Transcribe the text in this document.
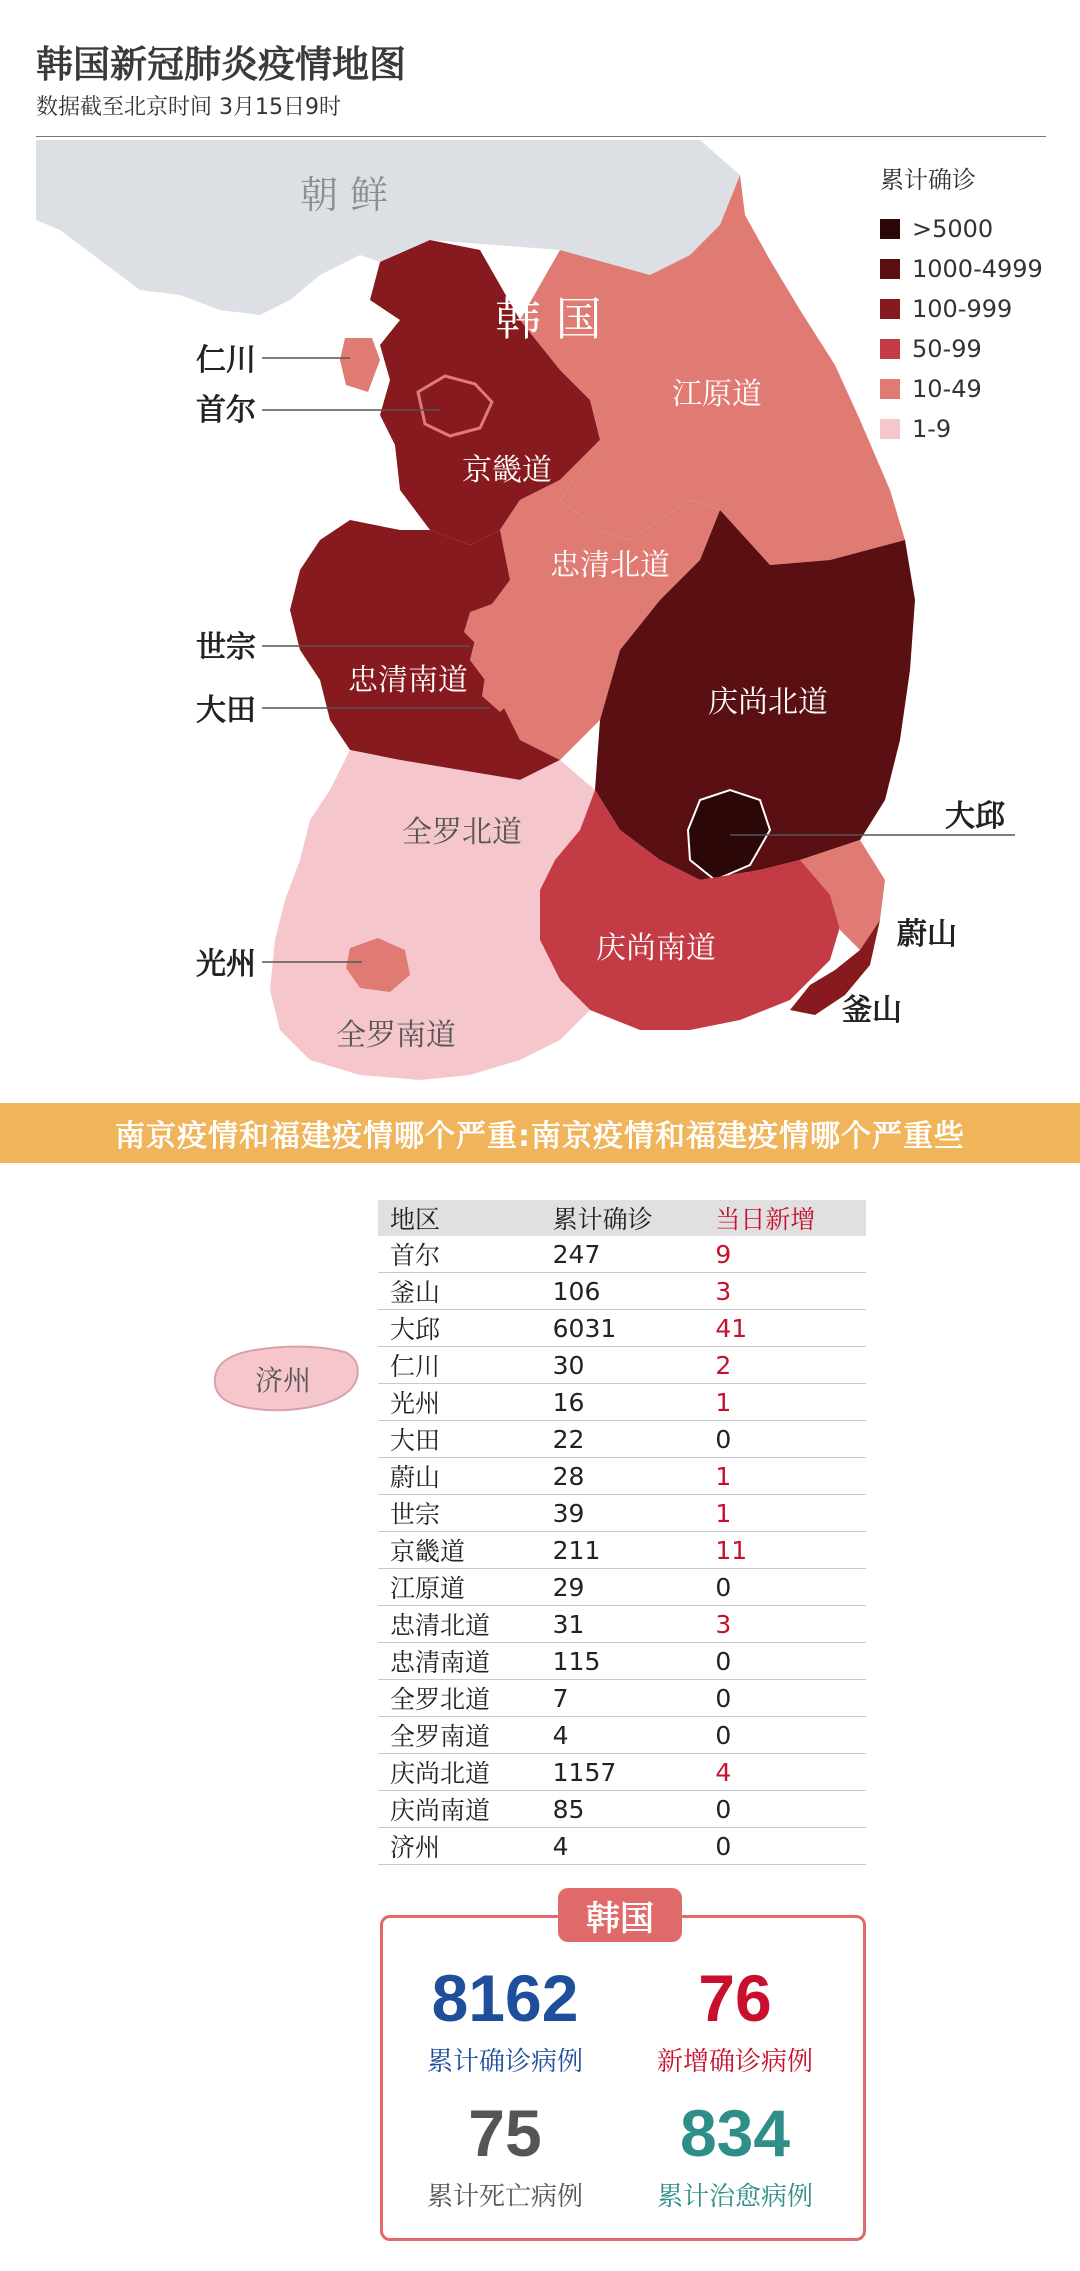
韩国新冠肺炎疫情地图
数据截至北京时间 3月15日9时
朝 鲜
韩 国
京畿道
江原道
忠清北道
忠清南道
庆尚北道
全罗北道
庆尚南道
全罗南道
仁川
首尔
世宗
大田
光州
大邱
蔚山
釜山
累计确诊
>5000
1000-4999
100-999
50-99
10-49
1-9
南京疫情和福建疫情哪个严重:南京疫情和福建疫情哪个严重些
济州
地区	累计确诊	当日新增
首尔	247	9
釜山	106	3
大邱	6031	41
仁川	30	2
光州	16	1
大田	22	0
蔚山	28	1
世宗	39	1
京畿道	211	11
江原道	29	0
忠清北道	31	3
忠清南道	115	0
全罗北道	7	0
全罗南道	4	0
庆尚北道	1157	4
庆尚南道	85	0
济州	4	0
韩国
8162
累计确诊病例
76
新增确诊病例
75
累计死亡病例
834
累计治愈病例
